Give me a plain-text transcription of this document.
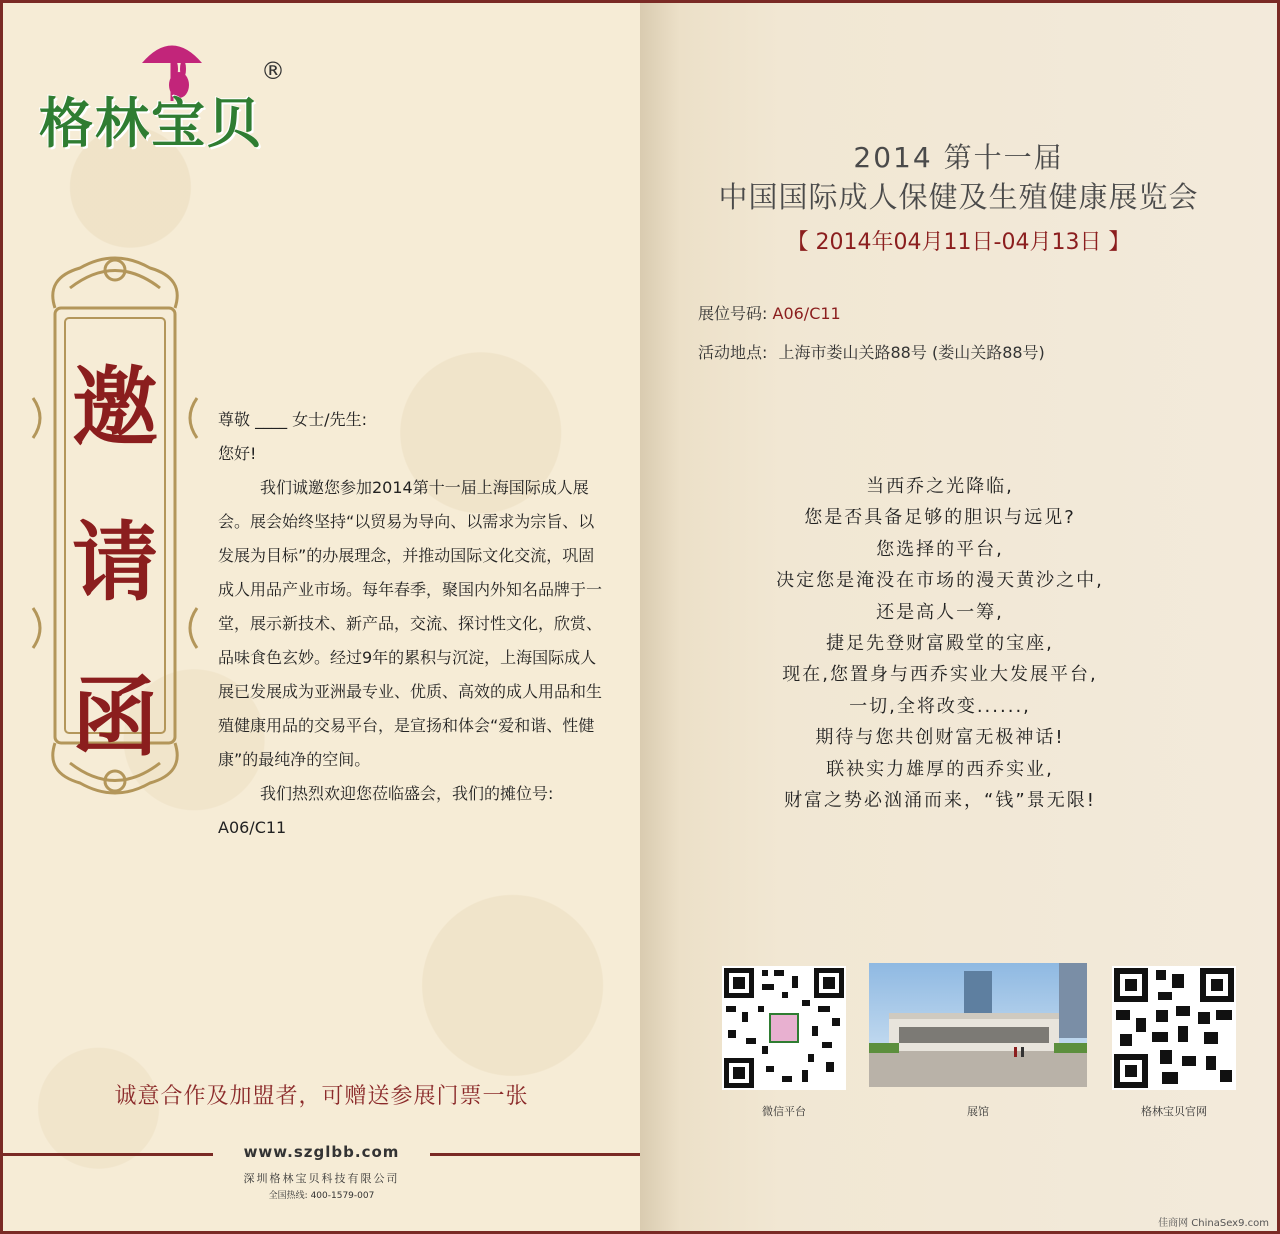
格林宝贝
®
邀
请
函

尊敬 ____ 女士/先生:

您好!

我们诚邀您参加2014第十一届上海国际成人展会。展会始终坚持“以贸易为导向、以需求为宗旨、以发展为目标”的办展理念，并推动国际文化交流，巩固成人用品产业市场。每年春季，聚国内外知名品牌于一堂，展示新技术、新产品，交流、探讨性文化，欣赏、品味食色玄妙。经过9年的累积与沉淀，上海国际成人展已发展成为亚洲最专业、优质、高效的成人用品和生殖健康用品的交易平台，是宣扬和体会“爱和谐、性健康”的最纯净的空间。

我们热烈欢迎您莅临盛会，我们的摊位号:

A06/C11

诚意合作及加盟者，可赠送参展门票一张
www.szglbb.com
深圳格林宝贝科技有限公司
全国热线: 400-1579-007
2014 第十一届
中国国际成人保健及生殖健康展览会
【 2014年04月11日-04月13日 】
展位号码: A06/C11
活动地点: 上海市娄山关路88号 (娄山关路88号)

当西乔之光降临,

您是否具备足够的胆识与远见?

您选择的平台,

决定您是淹没在市场的漫天黄沙之中,

还是高人一筹,

捷足先登财富殿堂的宝座,

现在,您置身与西乔实业大发展平台,

一切,全将改变......,

期待与您共创财富无极神话!

联袂实力雄厚的西乔实业,

财富之势必汹涌而来，“钱”景无限!

微信平台	展馆	格林宝贝官网
佳商网 ChinaSex9.com
